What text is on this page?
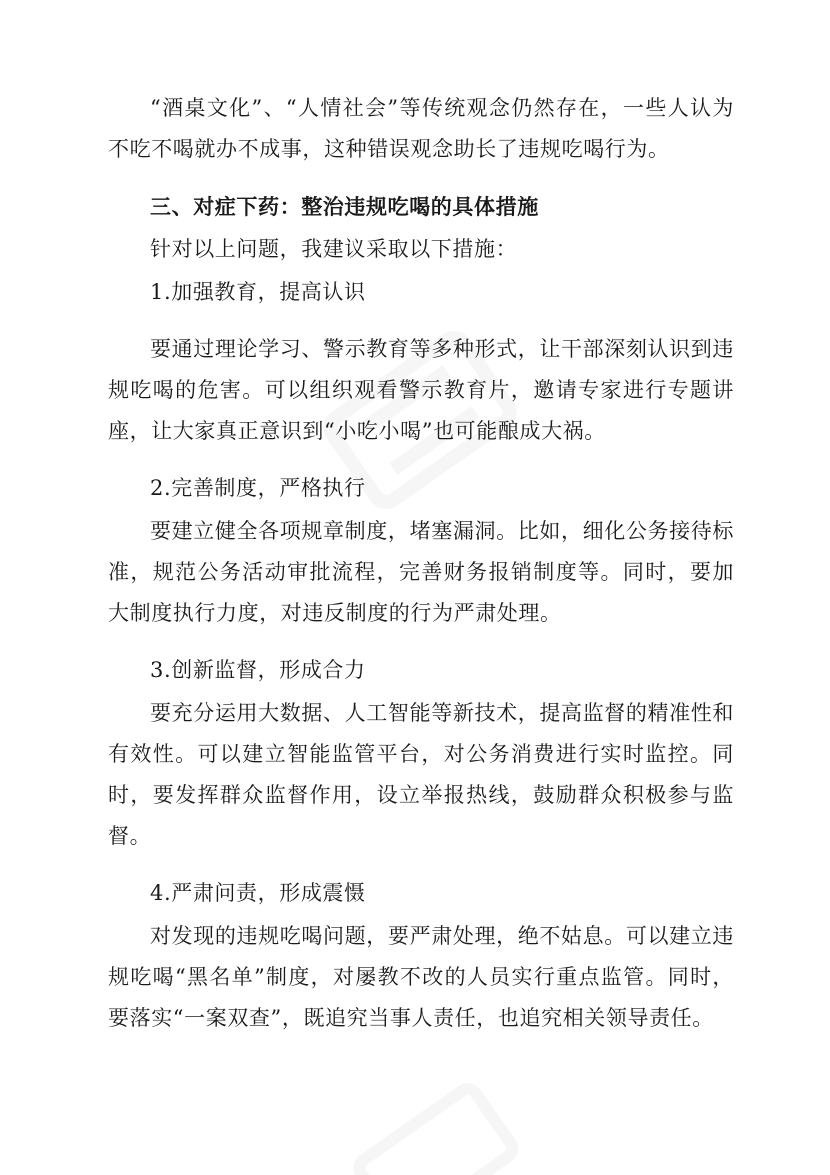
“酒桌文化”、“人情社会”等传统观念仍然存在，一些人认为不吃不喝就办不成事，这种错误观念助长了违规吃喝行为。

三、对症下药：整治违规吃喝的具体措施

针对以上问题，我建议采取以下措施：

1.加强教育，提高认识

要通过理论学习、警示教育等多种形式，让干部深刻认识到违规吃喝的危害。可以组织观看警示教育片，邀请专家进行专题讲座，让大家真正意识到“小吃小喝”也可能酿成大祸。

2.完善制度，严格执行

要建立健全各项规章制度，堵塞漏洞。比如，细化公务接待标准，规范公务活动审批流程，完善财务报销制度等。同时，要加大制度执行力度，对违反制度的行为严肃处理。

3.创新监督，形成合力

要充分运用大数据、人工智能等新技术，提高监督的精准性和有效性。可以建立智能监管平台，对公务消费进行实时监控。同时，要发挥群众监督作用，设立举报热线，鼓励群众积极参与监督。

4.严肃问责，形成震慑

对发现的违规吃喝问题，要严肃处理，绝不姑息。可以建立违规吃喝“黑名单”制度，对屡教不改的人员实行重点监管。同时，要落实“一案双查”，既追究当事人责任，也追究相关领导责任。
